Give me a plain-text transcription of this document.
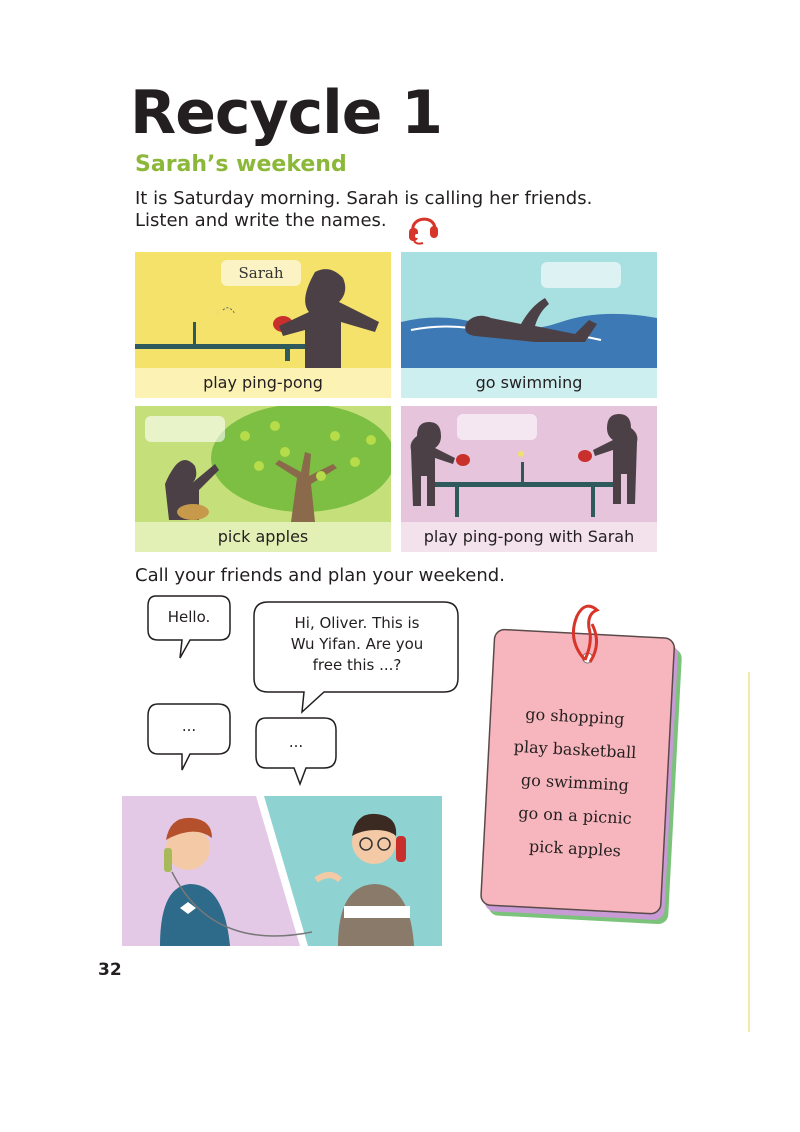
Recycle 1
Sarah’s weekend
It is Saturday morning. Sarah is calling her friends.
Listen and write the names.
Sarah
play ping-pong	go swimming
pick apples	play ping-pong with Sarah
Call your friends and plan your weekend.
Hello.	Hi, Oliver. This is
Wu Yifan. Are you
free this ...?
...
...
go shopping
play basketball
go swimming
go on a picnic
pick apples
32
